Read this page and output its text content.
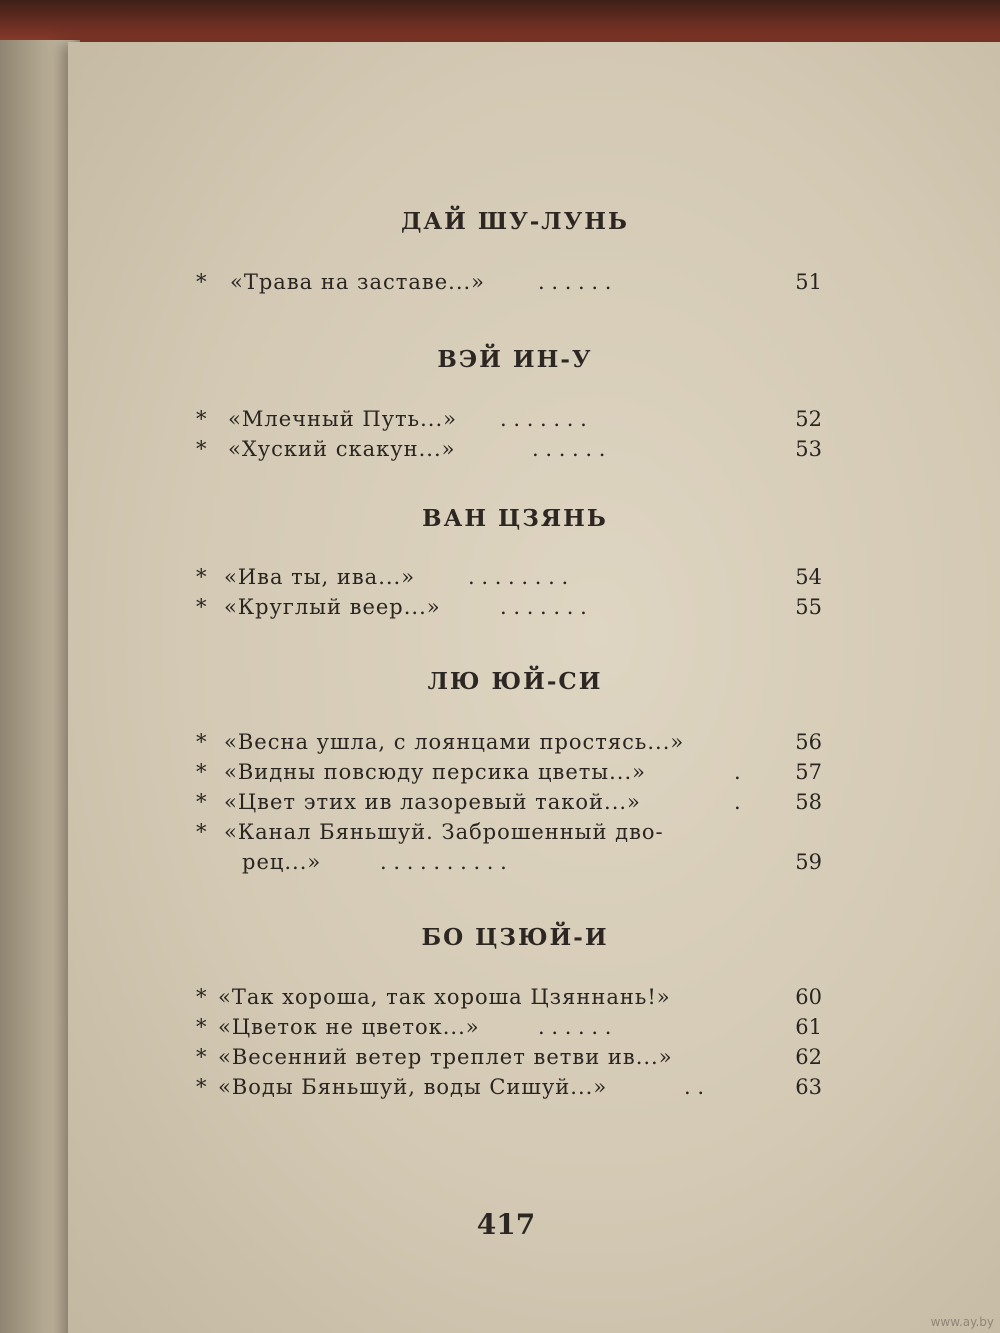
ДАЙ ШУ-ЛУНЬ
* «Трава на заставе...»	. . . . . .	51
ВЭЙ ИН-У
* «Млечный Путь...» . . . . . . .	52
* «Хуский скакун...»	. . . . . .	53
ВАН ЦЗЯНЬ
* «Ива ты, ива...»	. . . . . . . .	54
* «Круглый веер...»	. . . . . . .	55
ЛЮ ЮЙ-СИ
* «Весна ушла, с лоянцами простясь...»	56
* «Видны повсюду персика цветы...»	.	57
* «Цвет этих ив лазоревый такой...»	.	58
* «Канал Бяньшуй. Заброшенный дво-
рец...»	. . . . . . . . . .	59
БО ЦЗЮЙ-И
* «Так хороша, так хороша Цзяннань!»	60
* «Цветок не цветок...»	. . . . . .	61
* «Весенний ветер треплет ветви ив...»	62
* «Воды Бяньшуй, воды Сишуй...»	. .	63
417
www.ay.by
